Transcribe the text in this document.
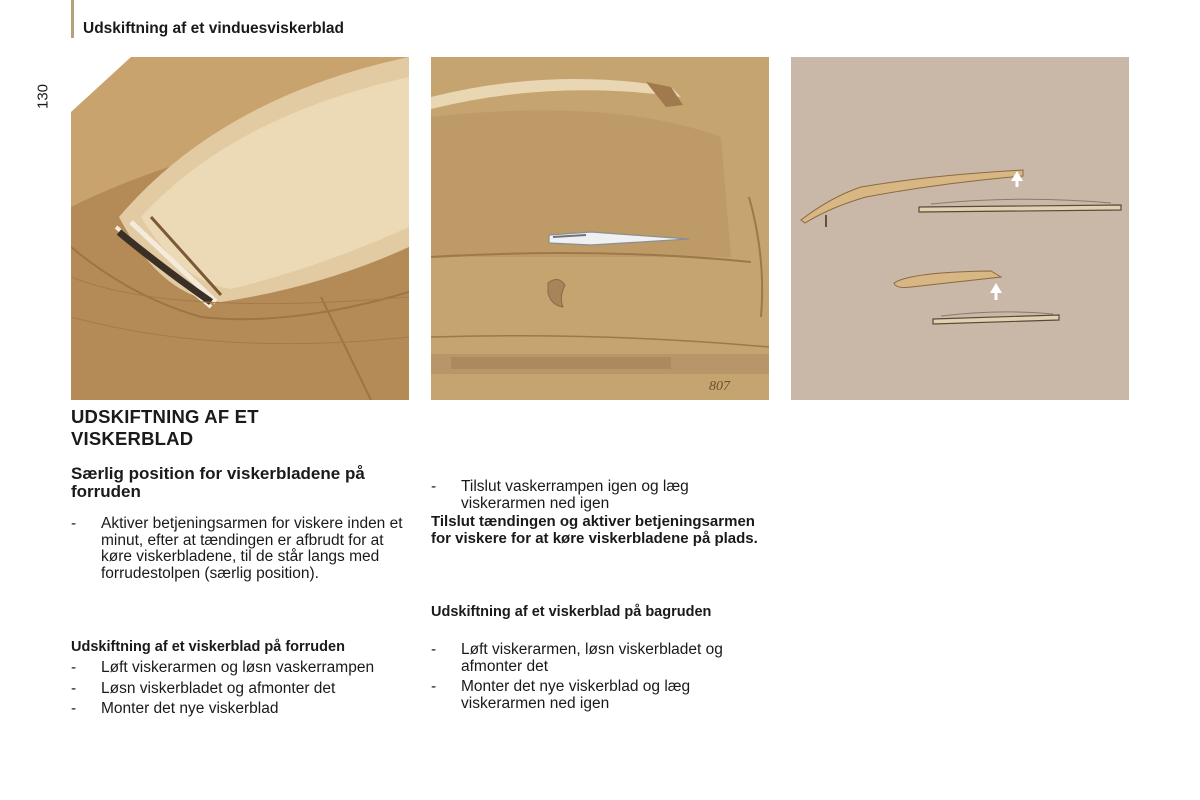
Udskiftning af et vinduesviskerblad
130
807
UDSKIFTNING AF ET VISKERBLAD
Særlig position for viskerbladene på forruden
- Aktiver betjeningsarmen for viskere inden et minut, efter at tændingen er afbrudt for at køre viskerbladene, til de står langs med forrudestolpen (særlig position).
Udskiftning af et viskerblad på forruden
- Løft viskerarmen og løsn vaskerrampen
- Løsn viskerbladet og afmonter det
- Monter det nye viskerblad
- Tilslut vaskerrampen igen og læg viskerarmen ned igen

Tilslut tændingen og aktiver betjeningsarmen for viskere for at køre viskerbladene på plads.

Udskiftning af et viskerblad på bagruden
- Løft viskerarmen, løsn viskerbladet og afmonter det
- Monter det nye viskerblad og læg viskerarmen ned igen
